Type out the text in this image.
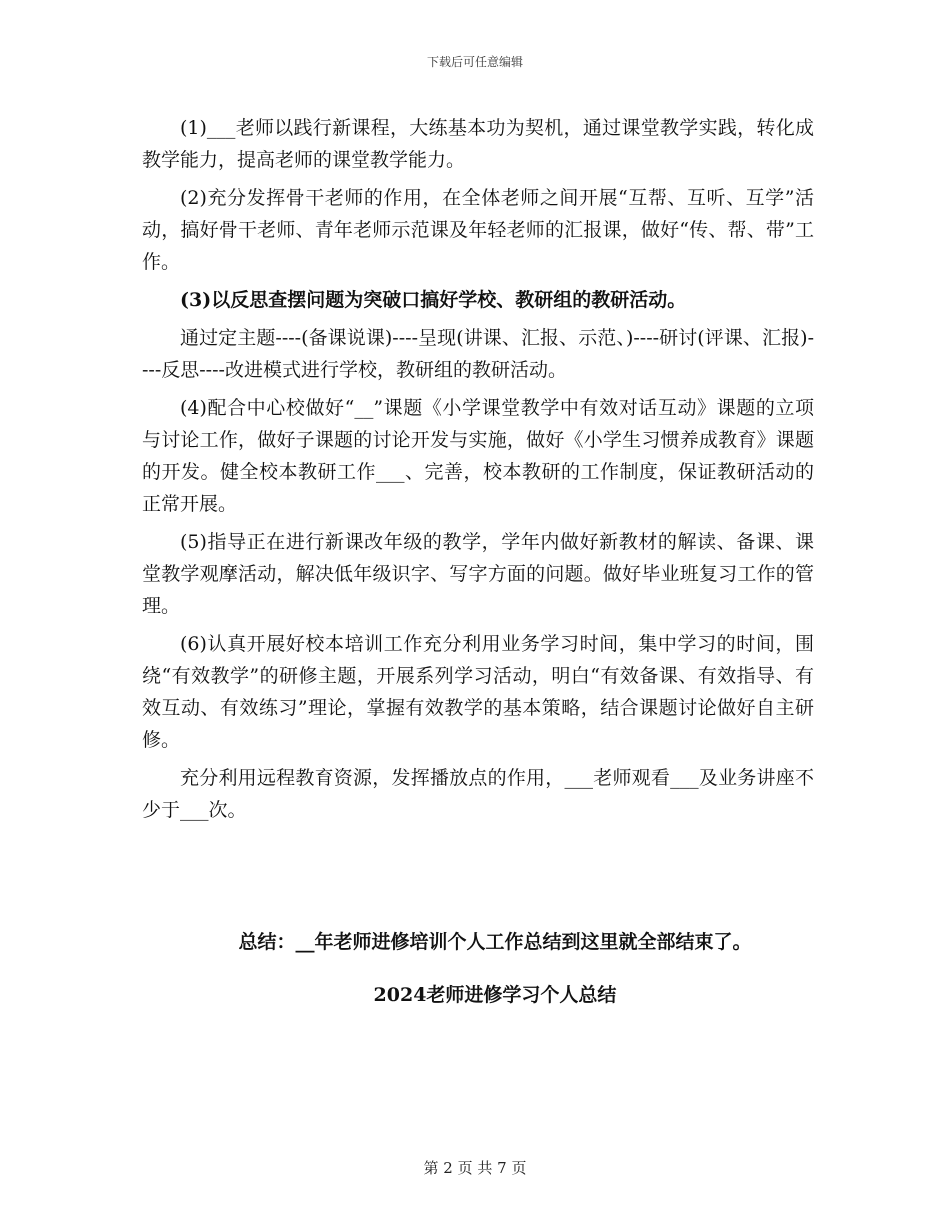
下载后可任意编辑

(1)___老师以践行新课程，大练基本功为契机，通过课堂教学实践，转化成教学能力，提高老师的课堂教学能力。

(2)充分发挥骨干老师的作用，在全体老师之间开展“互帮、互听、互学”活动，搞好骨干老师、青年老师示范课及年轻老师的汇报课，做好“传、帮、带”工作。

(3)以反思查摆问题为突破口搞好学校、教研组的教研活动。

通过定主题----(备课说课)----呈现(讲课、汇报、示范、)----研讨(评课、汇报)----反思----改进模式进行学校，教研组的教研活动。

(4)配合中心校做好“__”课题《小学课堂教学中有效对话互动》课题的立项与讨论工作，做好子课题的讨论开发与实施，做好《小学生习惯养成教育》课题的开发。健全校本教研工作___、完善，校本教研的工作制度，保证教研活动的正常开展。

(5)指导正在进行新课改年级的教学，学年内做好新教材的解读、备课、课堂教学观摩活动，解决低年级识字、写字方面的问题。做好毕业班复习工作的管理。

(6)认真开展好校本培训工作充分利用业务学习时间，集中学习的时间，围绕“有效教学”的研修主题，开展系列学习活动，明白“有效备课、有效指导、有效互动、有效练习”理论，掌握有效教学的基本策略，结合课题讨论做好自主研修。

充分利用远程教育资源，发挥播放点的作用，___老师观看___及业务讲座不少于___次。

总结：__年老师进修培训个人工作总结到这里就全部结束了。
2024老师进修学习个人总结
第 2 页 共 7 页
